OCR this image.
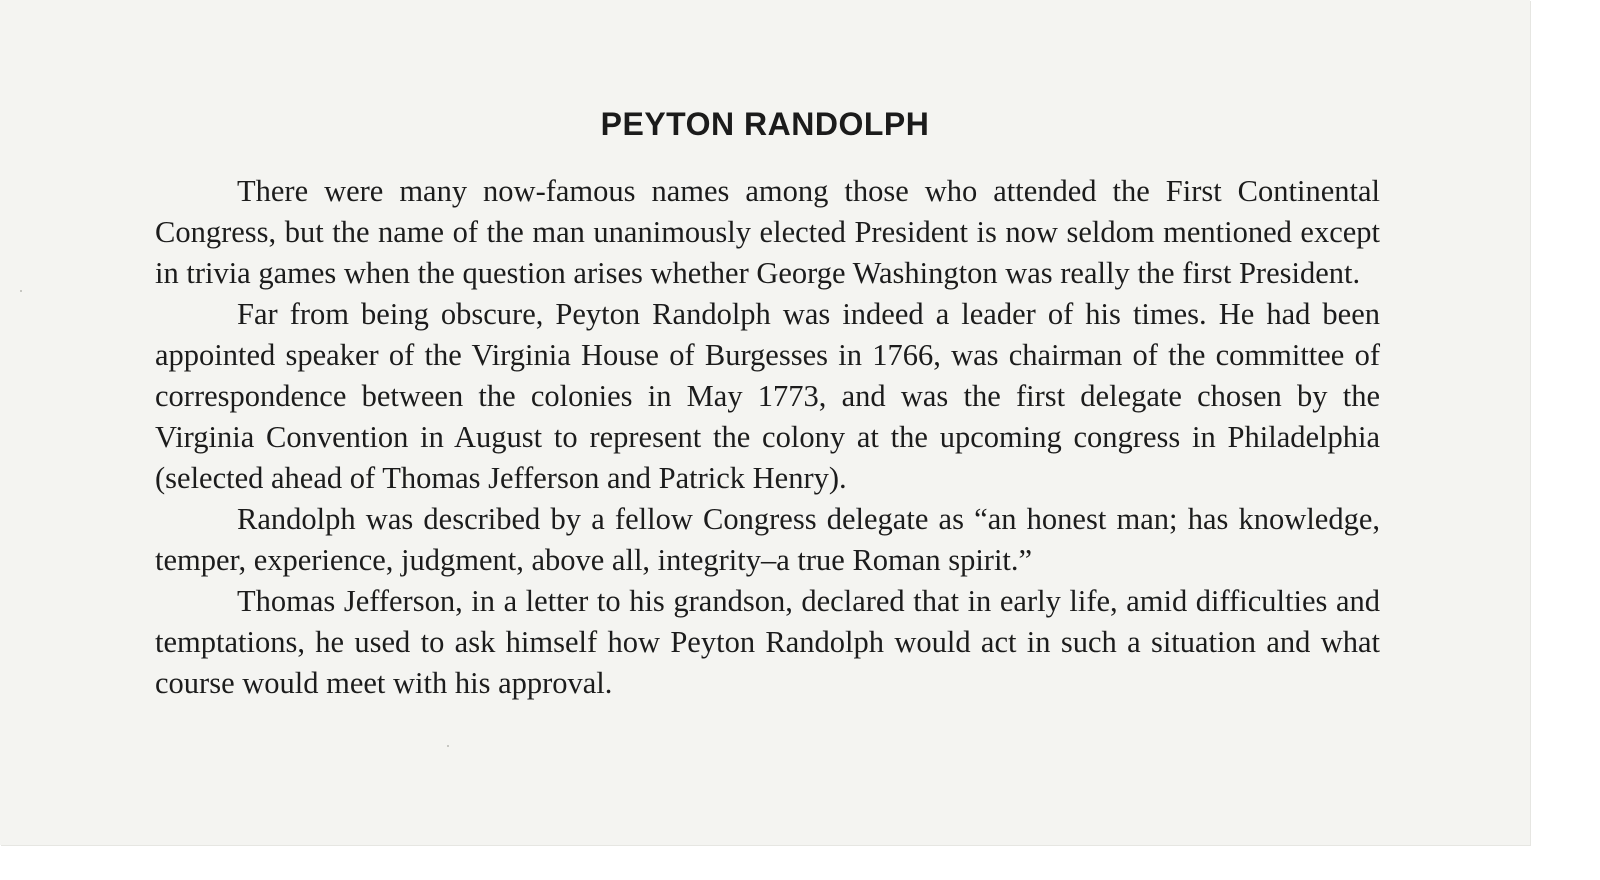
PEYTON RANDOLPH

There were many now-famous names among those who attended the First Continental Congress, but the name of the man unanimously elected President is now seldom mentioned except in trivia games when the question arises whether George Washington was really the first President.

Far from being obscure, Peyton Randolph was indeed a leader of his times. He had been appointed speaker of the Virginia House of Burgesses in 1766, was chairman of the committee of correspondence between the colonies in May 1773, and was the first delegate chosen by the Virginia Convention in August to represent the colony at the upcoming congress in Philadelphia (selected ahead of Thomas Jefferson and Patrick Henry).

Randolph was described by a fellow Congress delegate as “an honest man; has knowledge, temper, experience, judgment, above all, integrity–a true Roman spirit.”

Thomas Jefferson, in a letter to his grandson, declared that in early life, amid difficulties and temptations, he used to ask himself how Peyton Randolph would act in such a situation and what course would meet with his approval.
